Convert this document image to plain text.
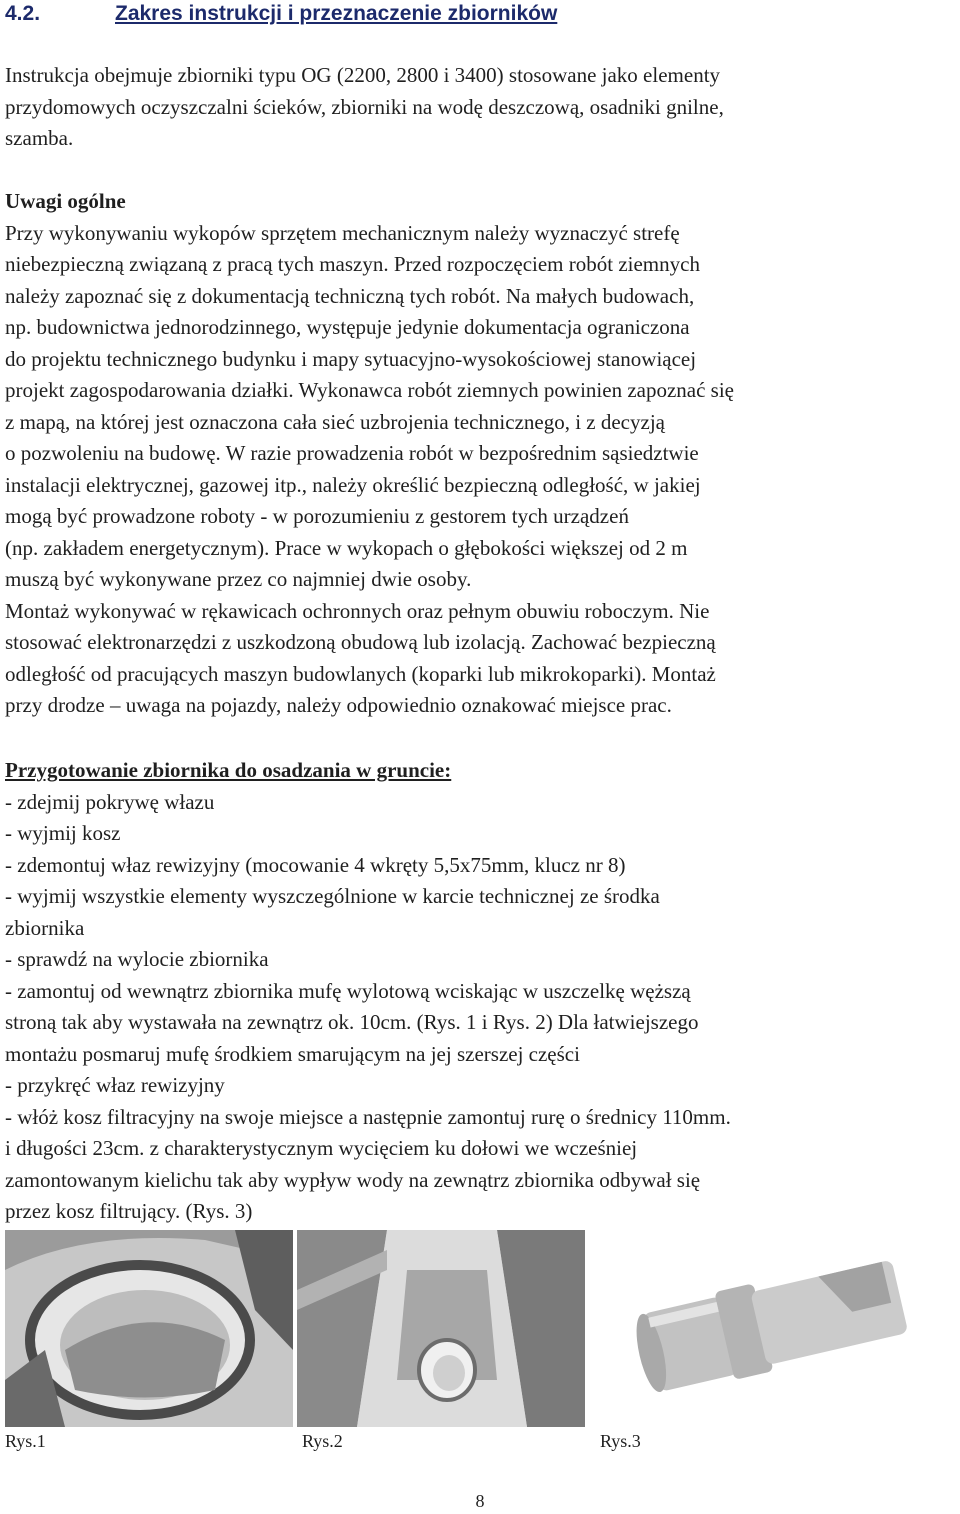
4.2.	Zakres instrukcji i przeznaczenie zbiorników

Instrukcja obejmuje zbiorniki typu OG (2200, 2800 i 3400) stosowane jako elementy
przydomowych oczyszczalni ścieków, zbiorniki na wodę deszczową, osadniki gnilne,
szamba.

Uwagi ogólne
Przy wykonywaniu wykopów sprzętem mechanicznym należy wyznaczyć strefę
niebezpieczną związaną z pracą tych maszyn. Przed rozpoczęciem robót ziemnych
należy zapoznać się z dokumentacją techniczną tych robót. Na małych budowach,
np. budownictwa jednorodzinnego, występuje jedynie dokumentacja ograniczona
do projektu technicznego budynku i mapy sytuacyjno-wysokościowej stanowiącej
projekt zagospodarowania działki. Wykonawca robót ziemnych powinien zapoznać się
z mapą, na której jest oznaczona cała sieć uzbrojenia technicznego, i z decyzją
o pozwoleniu na budowę. W razie prowadzenia robót w bezpośrednim sąsiedztwie
instalacji elektrycznej, gazowej itp., należy określić bezpieczną odległość, w jakiej
mogą być prowadzone roboty - w porozumieniu z gestorem tych urządzeń
(np. zakładem energetycznym). Prace w wykopach o głębokości większej od 2 m
muszą być wykonywane przez co najmniej dwie osoby.
Montaż wykonywać w rękawicach ochronnych oraz pełnym obuwiu roboczym. Nie
stosować elektronarzędzi z uszkodzoną obudową lub izolacją. Zachować bezpieczną
odległość od pracujących maszyn budowlanych (koparki lub mikrokoparki). Montaż
przy drodze – uwaga na pojazdy, należy odpowiednio oznakować miejsce prac.

Przygotowanie zbiornika do osadzania w gruncie:
- zdejmij pokrywę włazu
- wyjmij kosz
- zdemontuj właz rewizyjny (mocowanie 4 wkręty 5,5x75mm, klucz nr 8)
- wyjmij wszystkie elementy wyszczególnione w karcie technicznej ze środka
zbiornika
- sprawdź na wylocie zbiornika
- zamontuj od wewnątrz zbiornika mufę wylotową wciskając w uszczelkę węższą
stroną tak aby wystawała na zewnątrz ok. 10cm. (Rys. 1 i Rys. 2) Dla łatwiejszego
montażu posmaruj mufę środkiem smarującym na jej szerszej części
- przykręć właz rewizyjny
- włóż kosz filtracyjny na swoje miejsce a następnie zamontuj rurę o średnicy 110mm.
i długości 23cm. z charakterystycznym wycięciem ku dołowi we wcześniej
zamontowanym kielichu tak aby wypływ wody na zewnątrz zbiornika odbywał się
przez kosz filtrujący. (Rys. 3)

Rys.1	Rys.2	Rys.3

8
